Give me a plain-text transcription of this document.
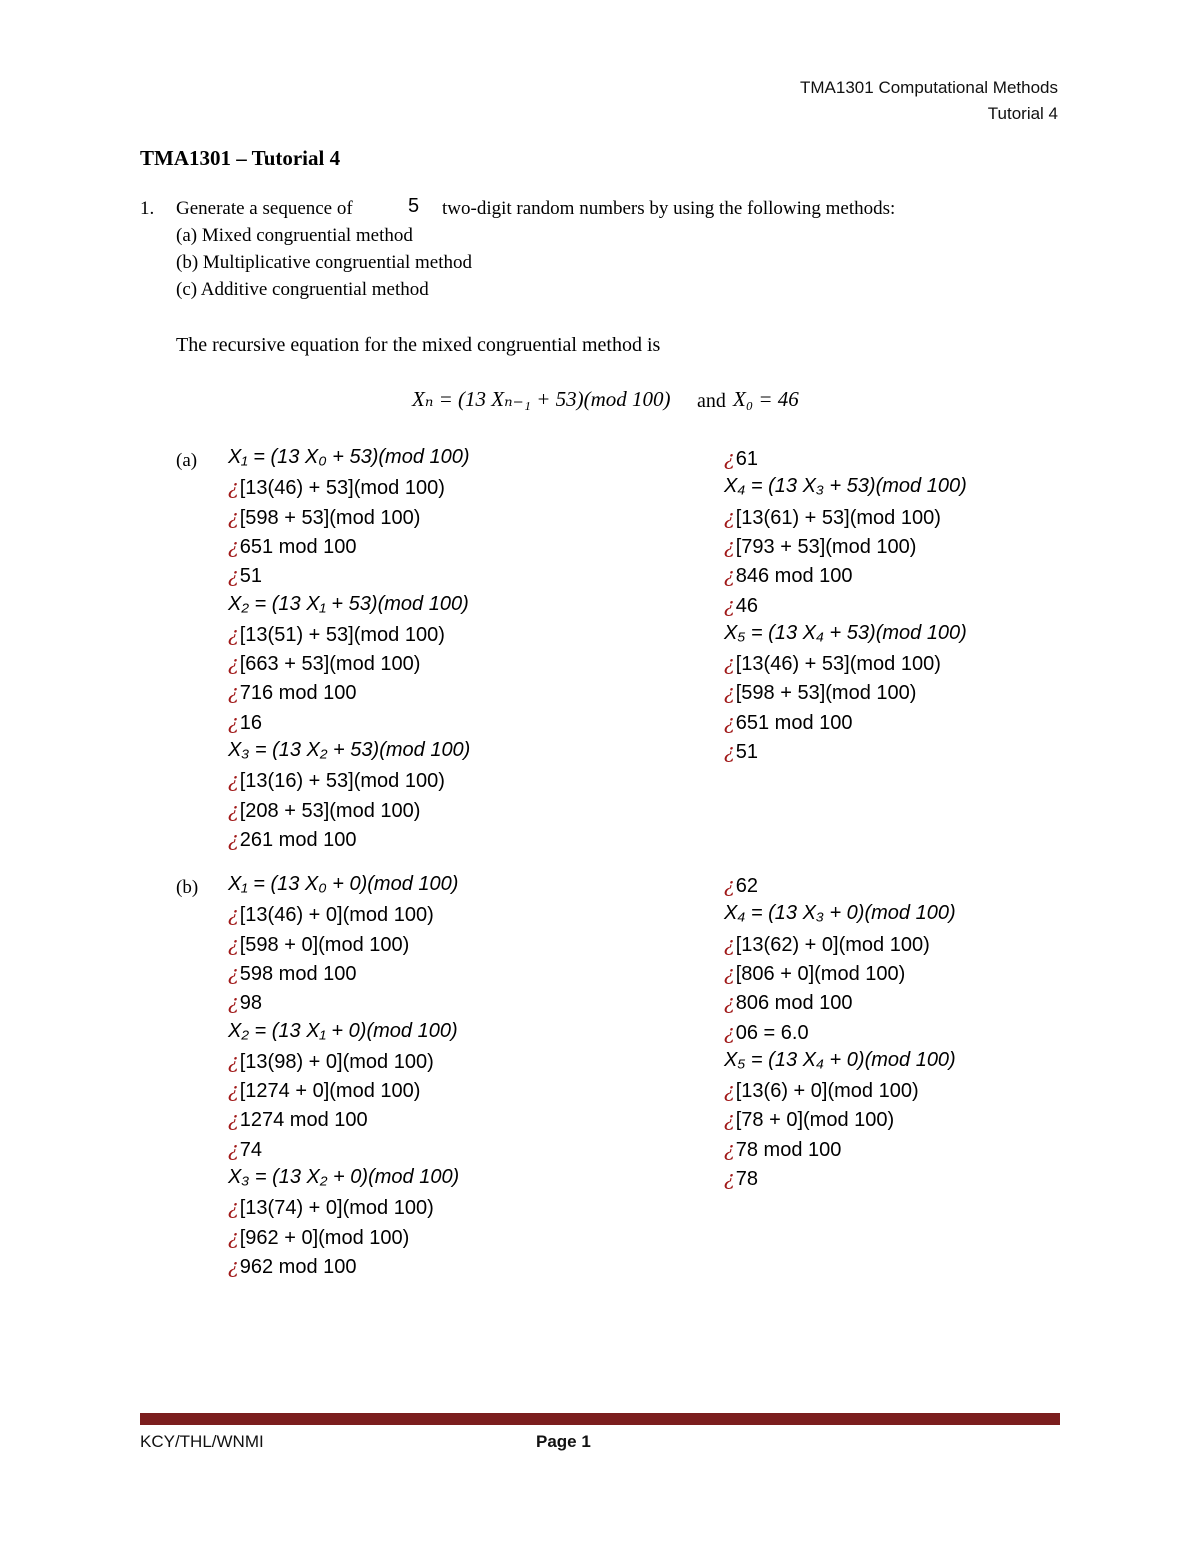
TMA1301 Computational Methods
Tutorial 4
TMA1301 – Tutorial 4
1. Generate a sequence of	5 two-digit random numbers by using the following methods:
(a) Mixed congruential method
(b) Multiplicative congruential method
(c) Additive congruential method
The recursive equation for the mixed congruential method is
Xₙ = (13 Xₙ₋₁ + 53)(mod 100) and X₀ = 46
(a) X₁ = (13 X₀ + 53)(mod 100)
¿[13(46) + 53](mod 100)
¿[598 + 53](mod 100)
¿651 mod 100
¿51
X₂ = (13 X₁ + 53)(mod 100)
¿[13(51) + 53](mod 100)
¿[663 + 53](mod 100)
¿716 mod 100
¿16
X₃ = (13 X₂ + 53)(mod 100)
¿[13(16) + 53](mod 100)
¿[208 + 53](mod 100)
¿261 mod 100
¿61
X₄ = (13 X₃ + 53)(mod 100)
¿[13(61) + 53](mod 100)
¿[793 + 53](mod 100)
¿846 mod 100
¿46
X₅ = (13 X₄ + 53)(mod 100)
¿[13(46) + 53](mod 100)
¿[598 + 53](mod 100)
¿651 mod 100
¿51
(b) X₁ = (13 X₀ + 0)(mod 100)
¿[13(46) + 0](mod 100)
¿[598 + 0](mod 100)
¿598 mod 100
¿98
X₂ = (13 X₁ + 0)(mod 100)
¿[13(98) + 0](mod 100)
¿[1274 + 0](mod 100)
¿1274 mod 100
¿74
X₃ = (13 X₂ + 0)(mod 100)
¿[13(74) + 0](mod 100)
¿[962 + 0](mod 100)
¿962 mod 100
¿62
X₄ = (13 X₃ + 0)(mod 100)
¿[13(62) + 0](mod 100)
¿[806 + 0](mod 100)
¿806 mod 100
¿06 = 6.0
X₅ = (13 X₄ + 0)(mod 100)
¿[13(6) + 0](mod 100)
¿[78 + 0](mod 100)
¿78 mod 100
¿78
KCY/THL/WNMI	Page 1
